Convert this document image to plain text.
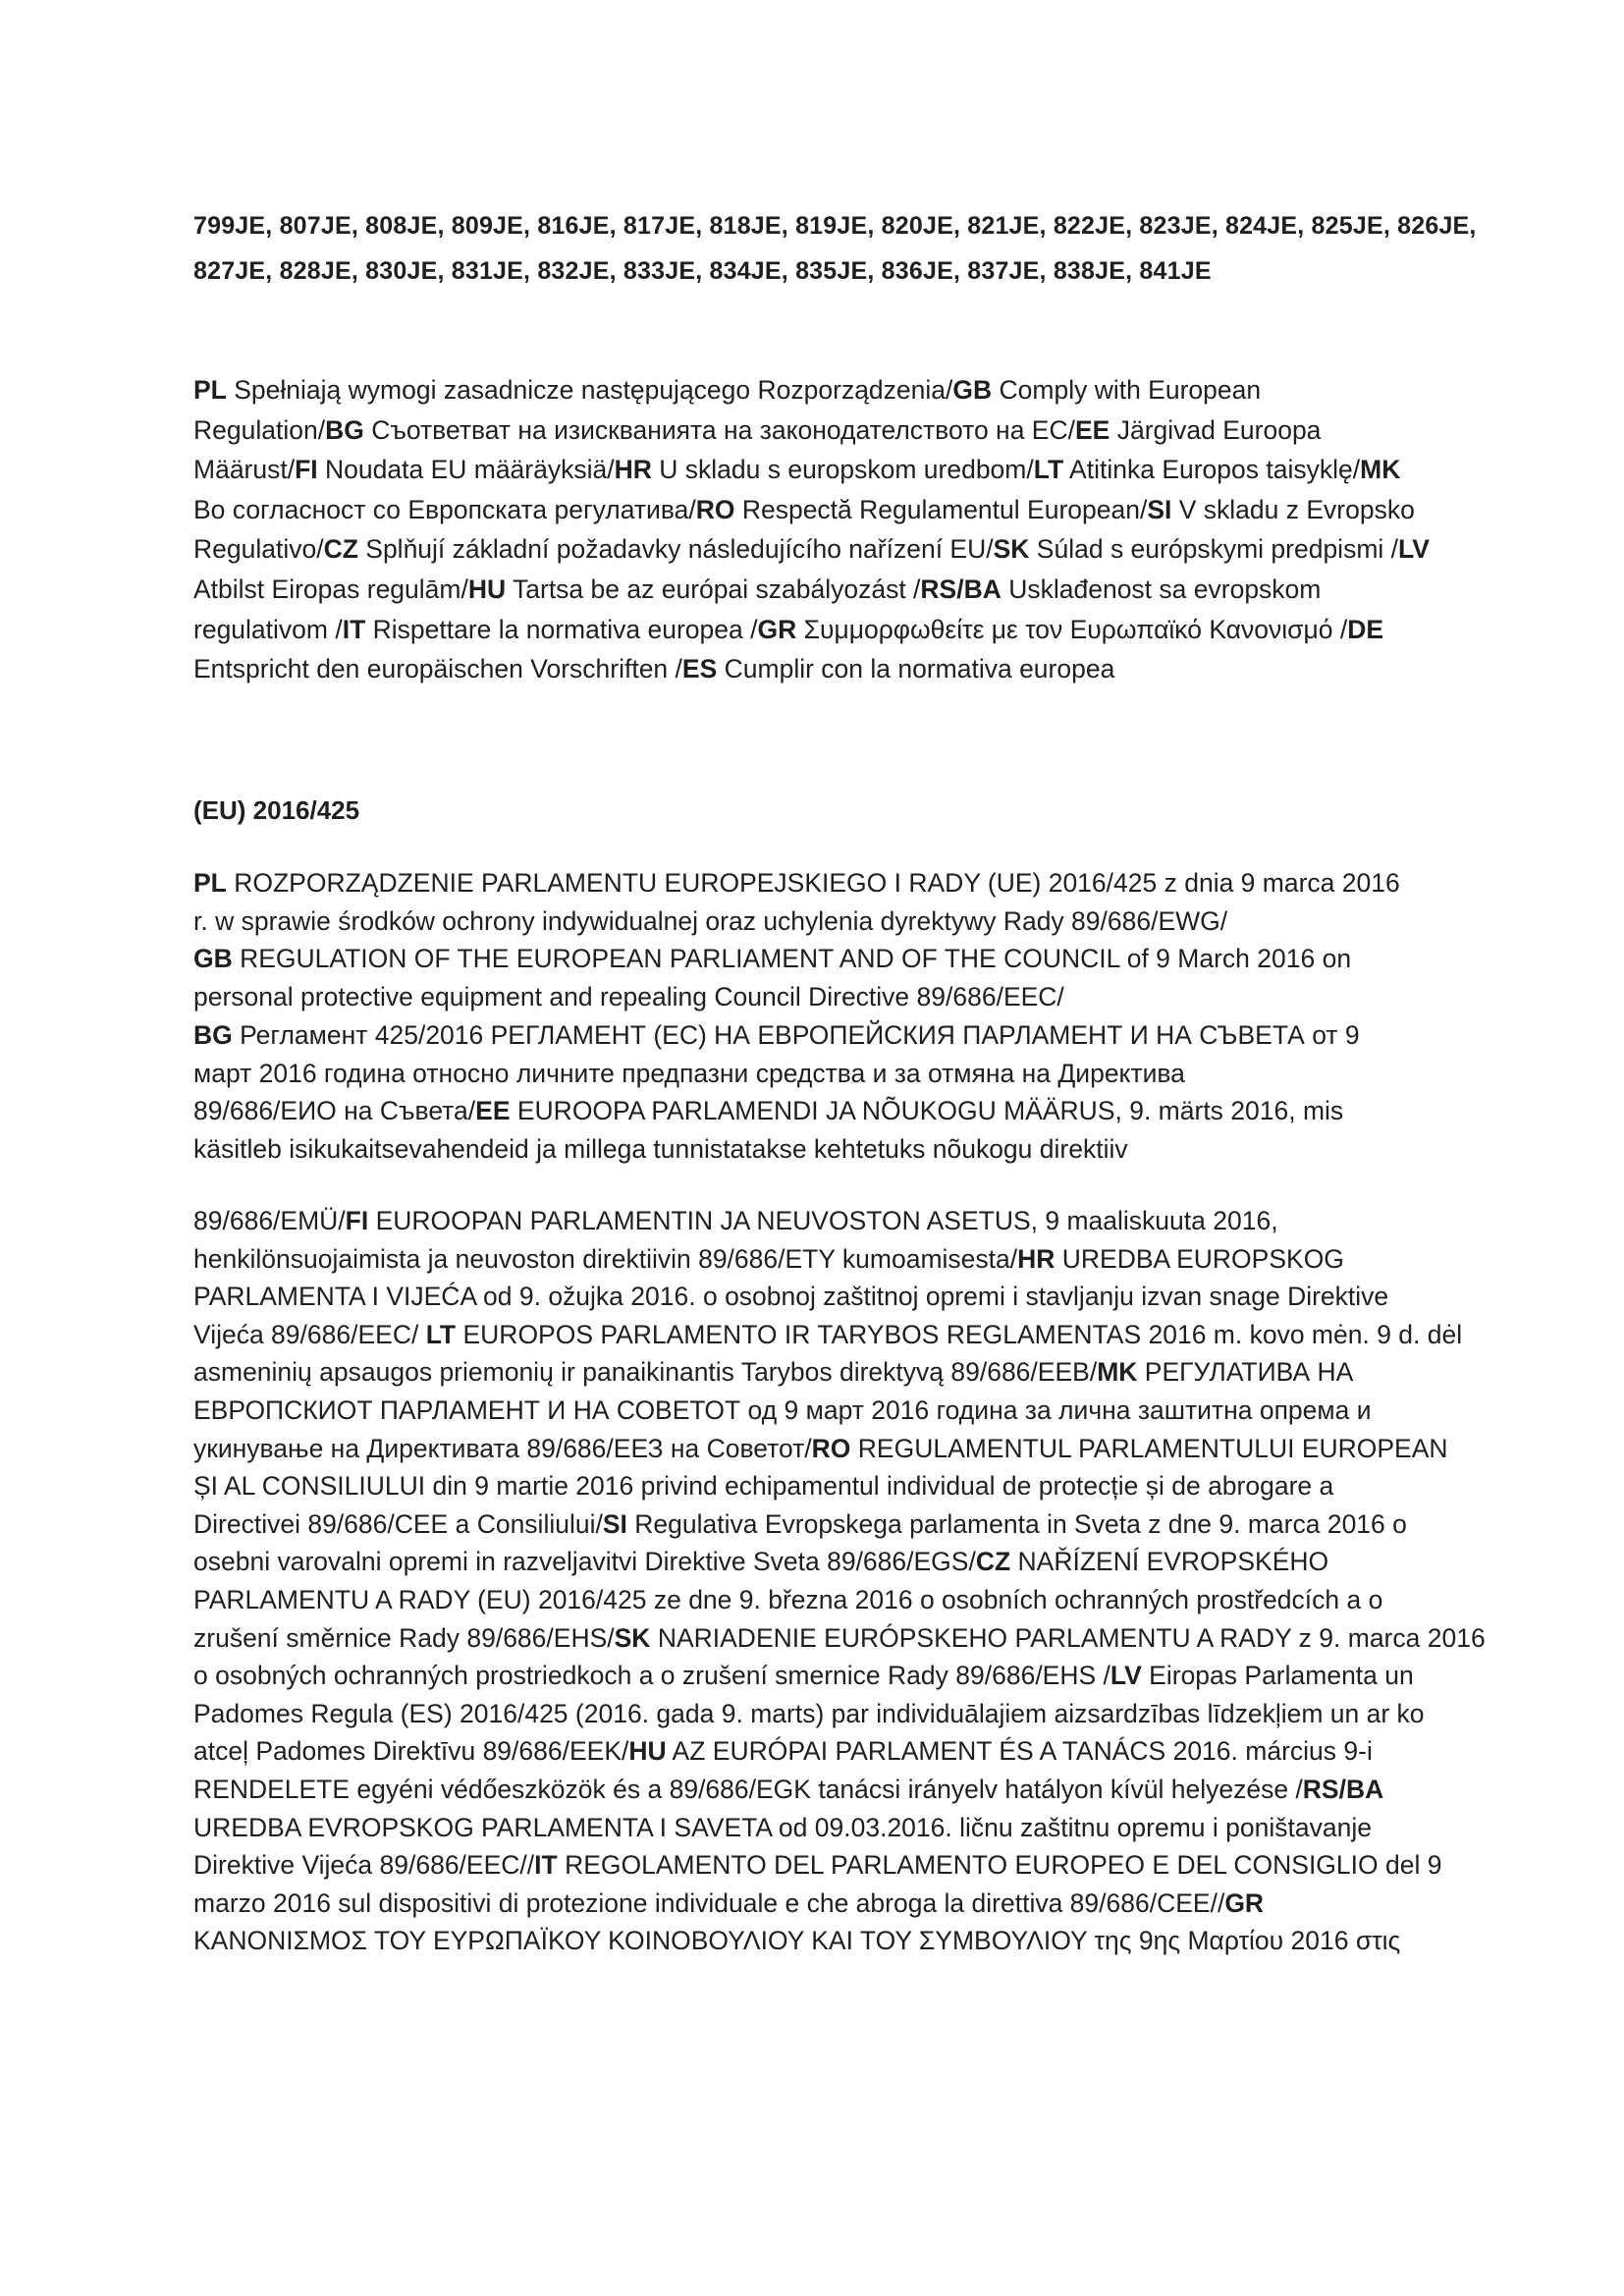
799JE, 807JE, 808JE, 809JE, 816JE, 817JE, 818JE, 819JE, 820JE, 821JE, 822JE, 823JE, 824JE, 825JE, 826JE,
827JE, 828JE, 830JE, 831JE, 832JE, 833JE, 834JE, 835JE, 836JE, 837JE, 838JE, 841JE
PL Spełniają wymogi zasadnicze następującego Rozporządzenia/GB Comply with European
Regulation/BG Съответват на изискванията на законодателството на ЕС/EE Järgivad Euroopa
Määrust/FI Noudata EU määräyksiä/HR U skladu s europskom uredbom/LT Atitinka Europos taisyklę/MK
Во согласност со Европската регулатива/RO Respectă Regulamentul European/SI V skladu z Evropsko
Regulativo/CZ Splňují základní požadavky následujícího nařízení EU/SK Súlad s európskymi predpismi /LV
Atbilst Eiropas regulām/HU Tartsa be az európai szabályozást /RS/BA Usklađenost sa evropskom
regulativom /IT Rispettare la normativa europea /GR Συμμορφωθείτε με τον Ευρωπαϊκό Κανονισμό /DE
Entspricht den europäischen Vorschriften /ES Cumplir con la normativa europea
(EU) 2016/425
PL ROZPORZĄDZENIE PARLAMENTU EUROPEJSKIEGO I RADY (UE) 2016/425 z dnia 9 marca 2016
r. w sprawie środków ochrony indywidualnej oraz uchylenia dyrektywy Rady 89/686/EWG/
GB REGULATION OF THE EUROPEAN PARLIAMENT AND OF THE COUNCIL of 9 March 2016 on
personal protective equipment and repealing Council Directive 89/686/EEC/
BG Регламент 425/2016 РЕГЛАМЕНТ (ЕС) НА ЕВРОПЕЙСКИЯ ПАРЛАМЕНТ И НА СЪВЕТА от 9
март 2016 година относно личните предпазни средства и за отмяна на Директива
89/686/ЕИО на Съвета/EE EUROOPA PARLAMENDI JA NÕUKOGU MÄÄRUS, 9. märts 2016, mis
käsitleb isikukaitsevahendeid ja millega tunnistatakse kehtetuks nõukogu direktiiv
89/686/EMÜ/FI EUROOPAN PARLAMENTIN JA NEUVOSTON ASETUS, 9 maaliskuuta 2016,
henkilönsuojaimista ja neuvoston direktiivin 89/686/ETY kumoamisesta/HR UREDBA EUROPSKOG
PARLAMENTA I VIJEĆA od 9. ožujka 2016. o osobnoj zaštitnoj opremi i stavljanju izvan snage Direktive
Vijeća 89/686/EEC/ LT EUROPOS PARLAMENTO IR TARYBOS REGLAMENTAS 2016 m. kovo mėn. 9 d. dėl
asmeninių apsaugos priemonių ir panaikinantis Tarybos direktyvą 89/686/EEB/MK РЕГУЛАТИВА НА
ЕВРОПСКИОТ ПАРЛАМЕНТ И НА СОВЕТОТ од 9 март 2016 година за лична заштитна опрема и
укинување на Директивата 89/686/ЕЕЗ на Советот/RO REGULAMENTUL PARLAMENTULUI EUROPEAN
ȘI AL CONSILIULUI din 9 martie 2016 privind echipamentul individual de protecție și de abrogare a
Directivei 89/686/CEE a Consiliului/SI Regulativa Evropskega parlamenta in Sveta z dne 9. marca 2016 o
osebni varovalni opremi in razveljavitvi Direktive Sveta 89/686/EGS/CZ NAŘÍZENÍ EVROPSKÉHO
PARLAMENTU A RADY (EU) 2016/425 ze dne 9. března 2016 o osobních ochranných prostředcích a o
zrušení směrnice Rady 89/686/EHS/SK NARIADENIE EURÓPSKEHO PARLAMENTU A RADY z 9. marca 2016
o osobných ochranných prostriedkoch a o zrušení smernice Rady 89/686/EHS /LV Eiropas Parlamenta un
Padomes Regula (ES) 2016/425 (2016. gada 9. marts) par individuālajiem aizsardzības līdzekļiem un ar ko
atceļ Padomes Direktīvu 89/686/EEK/HU AZ EURÓPAI PARLAMENT ÉS A TANÁCS 2016. március 9-i
RENDELETE egyéni védőeszközök és a 89/686/EGK tanácsi irányelv hatályon kívül helyezése /RS/BA
UREDBA EVROPSKOG PARLAMENTA I SAVETA od 09.03.2016. ličnu zaštitnu opremu i poništavanje
Direktive Vijeća 89/686/EEC//IT REGOLAMENTO DEL PARLAMENTO EUROPEO E DEL CONSIGLIO del 9
marzo 2016 sul dispositivi di protezione individuale e che abroga la direttiva 89/686/CEE//GR
ΚΑΝΟΝΙΣΜΟΣ ΤΟΥ ΕΥΡΩΠΑΪΚΟΥ ΚΟΙΝΟΒΟΥΛΙΟΥ ΚΑΙ ΤΟΥ ΣΥΜΒΟΥΛΙΟΥ της 9ης Μαρτίου 2016 στις
